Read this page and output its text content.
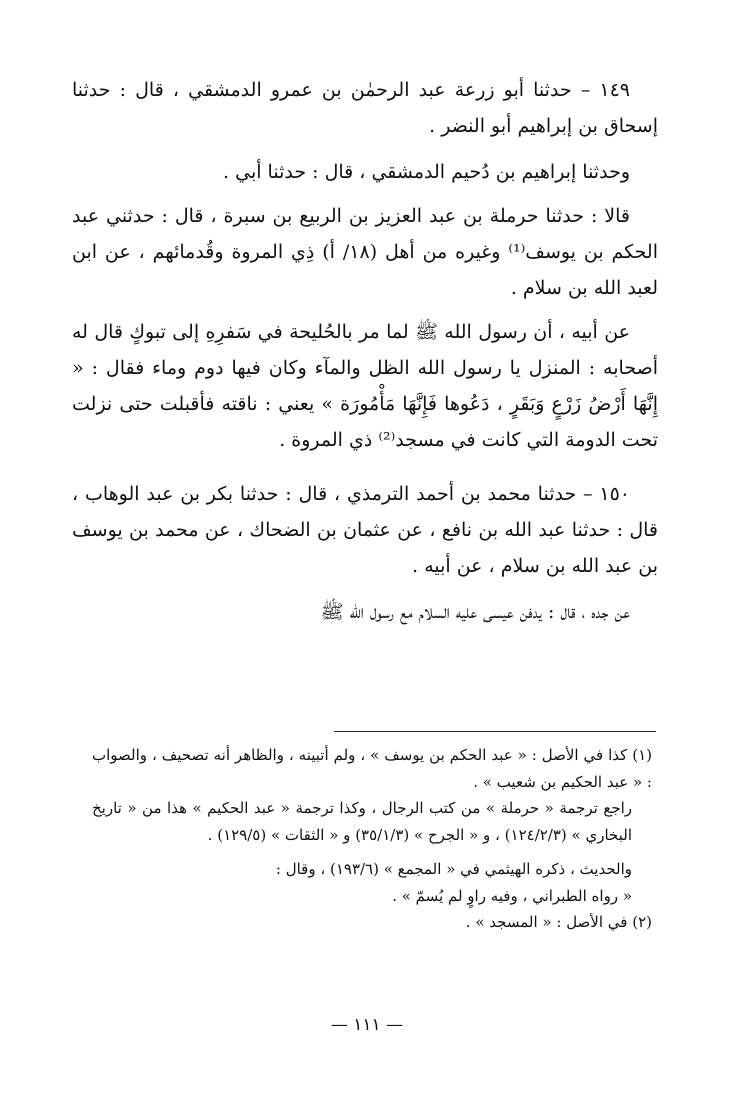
١٤٩ – حدثنا أبو زرعة عبد الرحمٰن بن عمرو الدمشقي ، قال : حدثنا إسحاق بن إبراهيم أبو النضر .

وحدثنا إبراهيم بن دُحيم الدمشقي ، قال : حدثنا أبي .

قالا : حدثنا حرملة بن عبد العزيز بن الربيع بن سبرة ، قال : حدثني عبد الحكم بن يوسف⁽¹⁾ وغيره من أهل (١٨/ أ) ذِي المروة وقُدمائهم ، عن ابن لعبد الله بن سلام .

عن أبيه ، أن رسول الله ﷺ لما مر بالحُليحة في سَفرِهِ إلى تبوكٍ قال له أصحابه : المنزل يا رسول الله الظل والمآء وكان فيها دوم وماء فقال : « إِنَّهَا أَرْضُ زَرْعٍ وَبَقَرٍ ، دَعُوها فَإِنَّهَا مَأْمُورَة » يعني : ناقته فأقبلت حتى نزلت تحت الدومة التي كانت في مسجد⁽²⁾ ذي المروة .

١٥٠ – حدثنا محمد بن أحمد الترمذي ، قال : حدثنا بكر بن عبد الوهاب ، قال : حدثنا عبد الله بن نافع ، عن عثمان بن الضحاك ، عن محمد بن يوسف بن عبد الله بن سلام ، عن أبيه .

عن جده ، قال : يدفن عيسى عليه السلام مع رسول الله ﷺ

(١) كذا في الأصل : « عبد الحكم بن يوسف » ، ولم أتبينه ، والظاهر أنه تصحيف ، والصواب : « عبد الحكيم بن شعيب » .

راجع ترجمة « حرملة » من كتب الرجال ، وكذا ترجمة « عبد الحكيم » هذا من « تاريخ البخاري » (١٢٤/٢/٣) ، و « الجرح » (٣٥/١/٣) و « الثقات » (١٢٩/٥) .

والحديث ، ذكره الهيثمي في « المجمع » (١٩٣/٦) ، وقال :

« رواه الطبراني ، وفيه راوٍ لم يُسمّ » .

(٢) في الأصل : « المسجد » .

— ١١١ —
